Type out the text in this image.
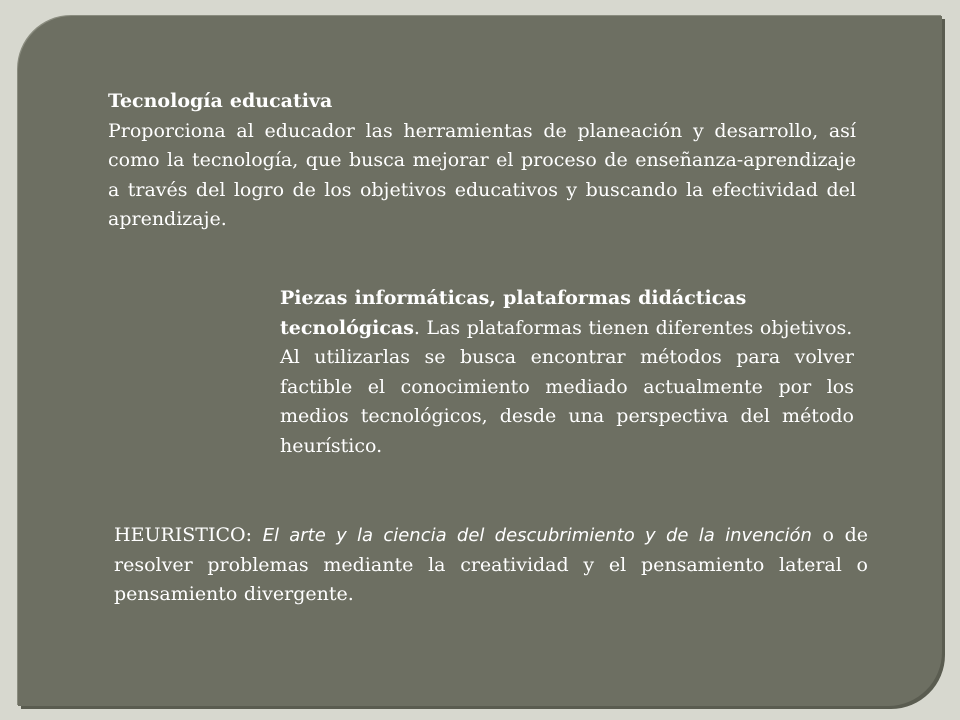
Tecnología educativa

Proporciona al educador las herramientas de planeación y desarrollo, así como la tecnología, que busca mejorar el proceso de enseñanza-aprendizaje a través del logro de los objetivos educativos y buscando la efectividad del aprendizaje.

Piezas informáticas, plataformas didácticas tecnológicas. Las plataformas tienen diferentes objetivos.

Al utilizarlas se busca encontrar métodos para volver factible el conocimiento mediado actualmente por los medios tecnológicos, desde una perspectiva del método heurístico.

HEURISTICO: El arte y la ciencia del descubrimiento y de la invención o de resolver problemas mediante la creatividad y el pensamiento lateral o pensamiento divergente.
